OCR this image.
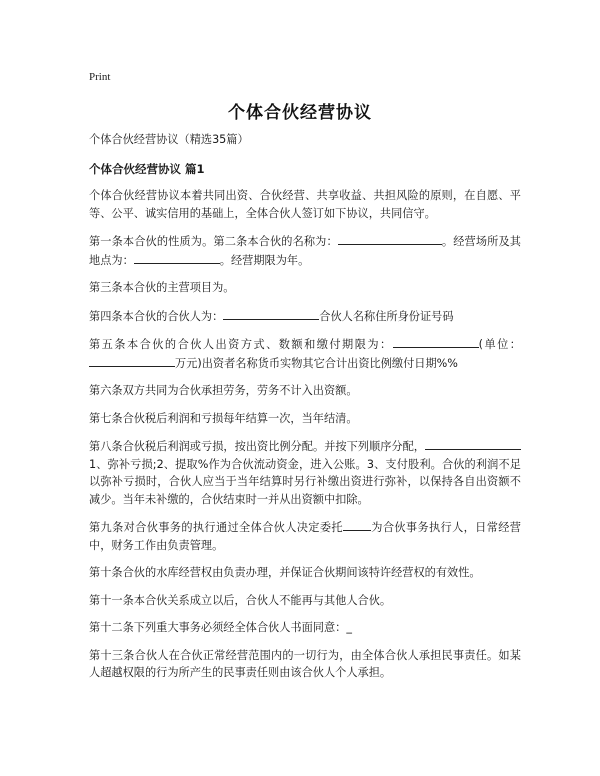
Print
个体合伙经营协议

个体合伙经营协议（精选35篇）

个体合伙经营协议 篇1

个体合伙经营协议本着共同出资、合伙经营、共享收益、共担风险的原则，在自愿、平等、公平、诚实信用的基础上，全体合伙人签订如下协议，共同信守。

第一条本合伙的性质为。第二条本合伙的名称为：	。经营场所及其地点为：	。经营期限为年。

第三条本合伙的主营项目为。

第四条本合伙的合伙人为：	合伙人名称住所身份证号码

第五条本合伙的合伙人出资方式、数额和缴付期限为：	(单位：万元)出资者名称货币实物其它合计出资比例缴付日期%%

第六条双方共同为合伙承担劳务，劳务不计入出资额。

第七条合伙税后利润和亏损每年结算一次，当年结清。

第八条合伙税后利润或亏损，按出资比例分配。并按下列顺序分配，1、弥补亏损;2、提取%作为合伙流动资金，进入公账。3、支付股利。合伙的利润不足以弥补亏损时，合伙人应当于当年结算时另行补缴出资进行弥补，以保持各自出资额不减少。当年未补缴的，合伙结束时一并从出资额中扣除。

第九条对合伙事务的执行通过全体合伙人决定委托	为合伙事务执行人，日常经营中，财务工作由负责管理。

第十条合伙的水库经营权由负责办理，并保证合伙期间该特许经营权的有效性。

第十一条本合伙关系成立以后，合伙人不能再与其他人合伙。

第十二条下列重大事务必须经全体合伙人书面同意：_

第十三条合伙人在合伙正常经营范围内的一切行为，由全体合伙人承担民事责任。如某人超越权限的行为所产生的民事责任则由该合伙人个人承担。
